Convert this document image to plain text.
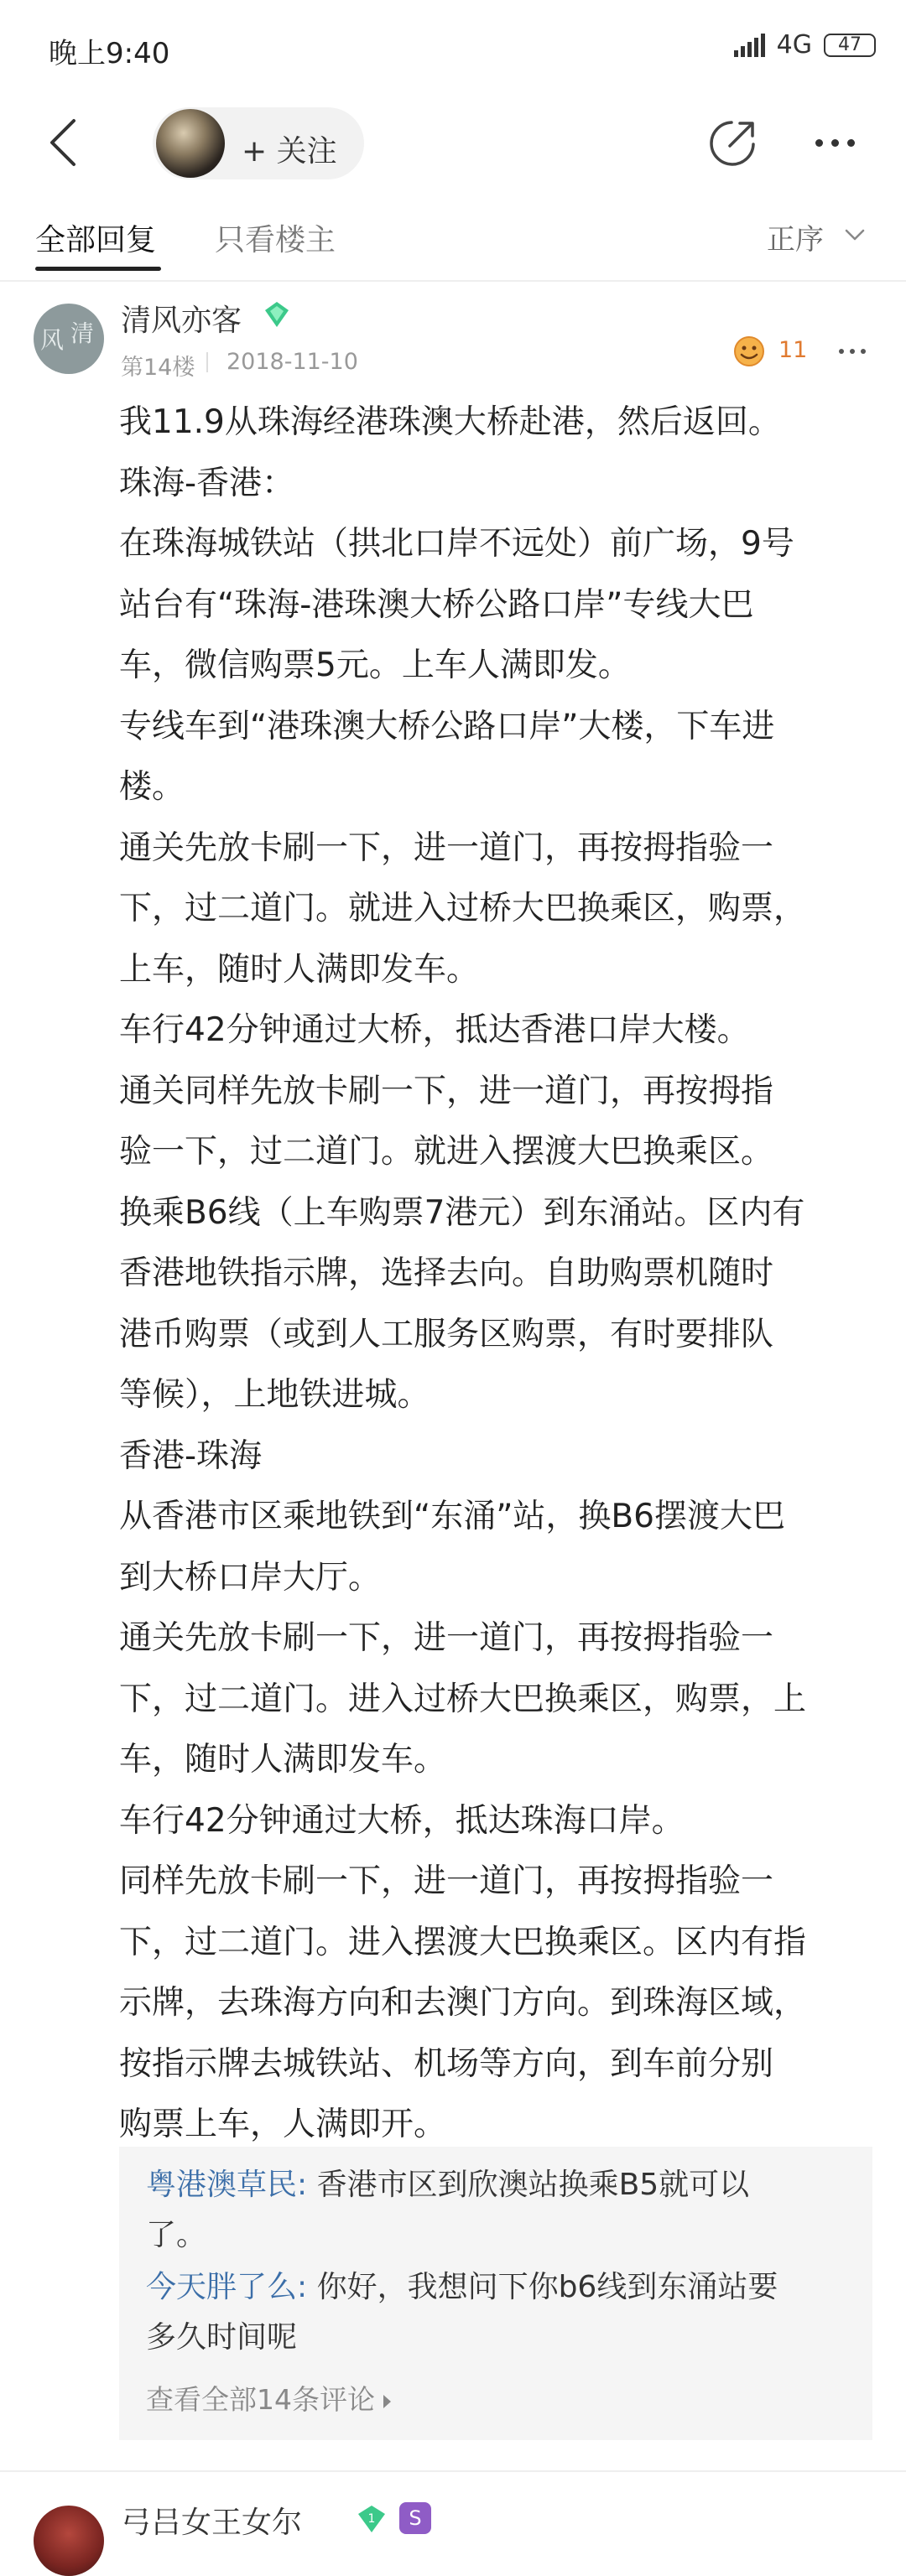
晚上9:40	4G 47
+ 关注
全部回复 只看楼主	正序
风 清 清风亦客
第14楼 2018-11-10	11
我11.9从珠海经港珠澳大桥赴港，然后返回。
珠海-香港：
在珠海城铁站（拱北口岸不远处）前广场，9号
站台有“珠海-港珠澳大桥公路口岸”专线大巴
车，微信购票5元。上车人满即发。
专线车到“港珠澳大桥公路口岸”大楼，下车进
楼。
通关先放卡刷一下，进一道门，再按拇指验一
下，过二道门。就进入过桥大巴换乘区，购票，
上车，随时人满即发车。
车行42分钟通过大桥，抵达香港口岸大楼。
通关同样先放卡刷一下，进一道门，再按拇指
验一下，过二道门。就进入摆渡大巴换乘区。
换乘B6线（上车购票7港元）到东涌站。区内有
香港地铁指示牌，选择去向。自助购票机随时
港币购票（或到人工服务区购票，有时要排队
等候），上地铁进城。
香港-珠海
从香港市区乘地铁到“东涌”站，换B6摆渡大巴
到大桥口岸大厅。
通关先放卡刷一下，进一道门，再按拇指验一
下，过二道门。进入过桥大巴换乘区，购票，上
车，随时人满即发车。
车行42分钟通过大桥，抵达珠海口岸。
同样先放卡刷一下，进一道门，再按拇指验一
下，过二道门。进入摆渡大巴换乘区。区内有指
示牌，去珠海方向和去澳门方向。到珠海区域，
按指示牌去城铁站、机场等方向，到车前分别
购票上车，人满即开。
粤港澳草民: 香港市区到欣澳站换乘B5就可以
了。
今天胖了么: 你好，我想问下你b6线到东涌站要
多久时间呢
查看全部14条评论
弓吕女王女尔	1 S
